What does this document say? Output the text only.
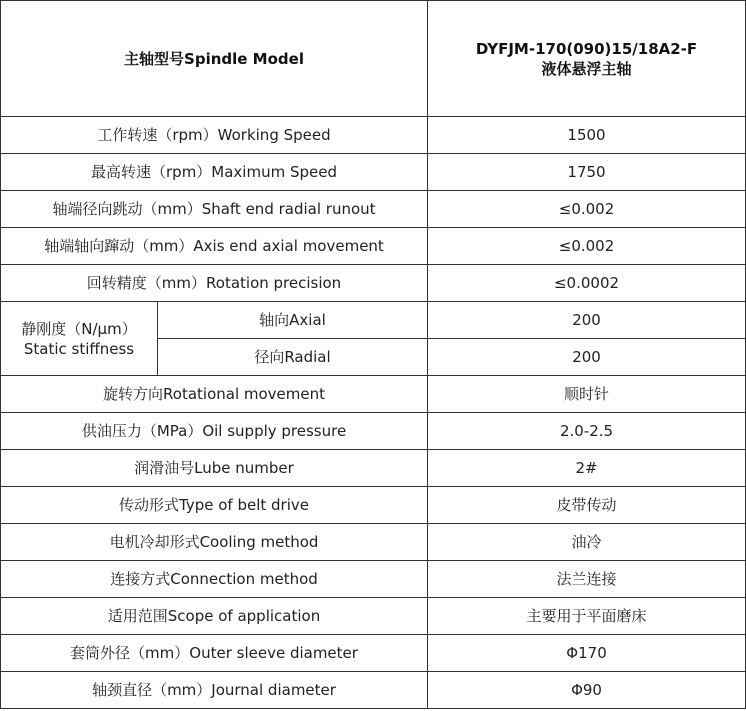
主轴型号Spindle Model		DYFJM-170(090)15/18A2-F
液体悬浮主轴

工作转速（rpm）Working Speed		1500
最高转速（rpm）Maximum Speed		1750
轴端径向跳动（mm）Shaft end radial runout		≤0.002
轴端轴向蹿动（mm）Axis end axial movement		≤0.002
回转精度（mm）Rotation precision		≤0.0002

静刚度（N/μm）
Static stiffness	轴向Axial	200
	径向Radial	200
旋转方向Rotational movement		顺时针
供油压力（MPa）Oil supply pressure		2.0-2.5
润滑油号Lube number		2#
传动形式Type of belt drive		皮带传动
电机冷却形式Cooling method		油冷
连接方式Connection method		法兰连接
适用范围Scope of application		主要用于平面磨床
套筒外径（mm）Outer sleeve diameter		Φ170
轴颈直径（mm）Journal diameter		Φ90
